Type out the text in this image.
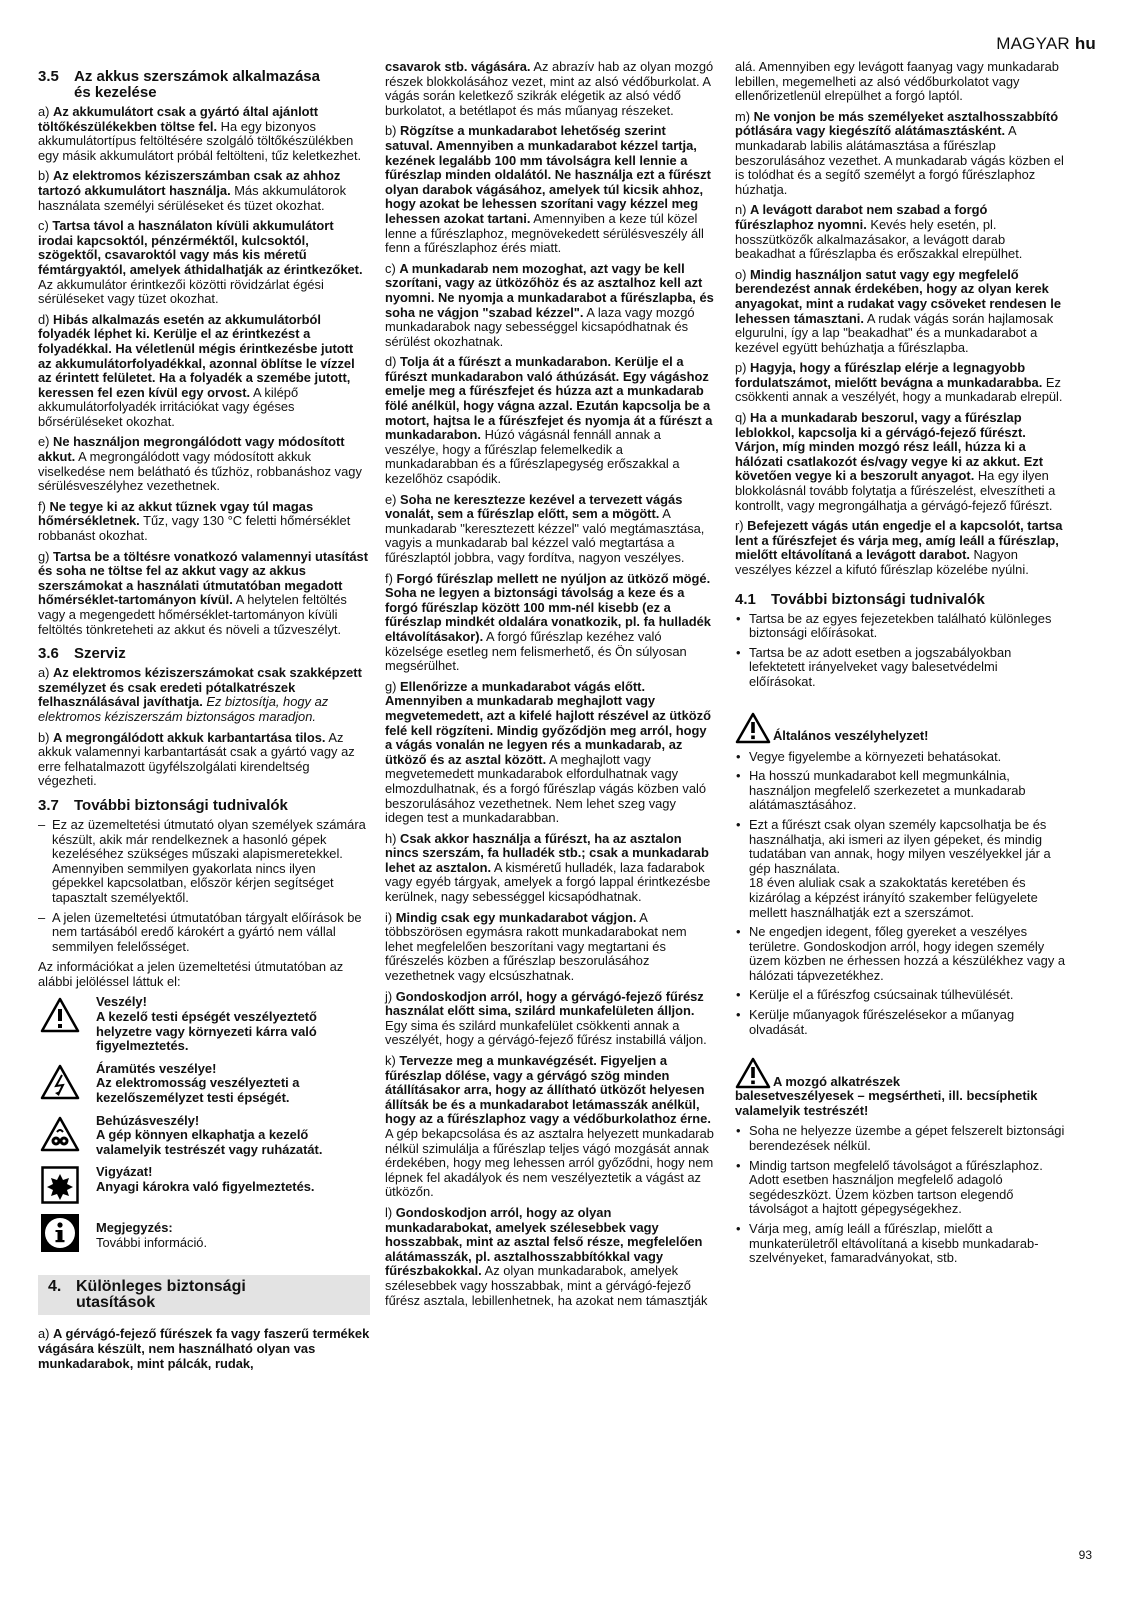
MAGYAR hu
3.5 Az akkus szerszámok alkalmazása
és kezelése

a) Az akkumulátort csak a gyártó által ajánlott töltőkészülékekben töltse fel. Ha egy bizonyos akkumulátortípus feltöltésére szolgáló töltőkészülékben egy másik akkumulátort próbál feltölteni, tűz keletkezhet.

b) Az elektromos kéziszerszámban csak az ahhoz tartozó akkumulátort használja. Más akkumulátorok használata személyi sérüléseket és tüzet okozhat.

c) Tartsa távol a használaton kívüli akkumulátort irodai kapcsoktól, pénzérméktől, kulcsoktól, szögektől, csavaroktól vagy más kis méretű fémtárgyaktól, amelyek áthidalhatják az érintkezőket. Az akkumulátor érintkezői közötti rövidzárlat égési sérüléseket vagy tüzet okozhat.

d) Hibás alkalmazás esetén az akkumulátorból folyadék léphet ki. Kerülje el az érintkezést a folyadékkal. Ha véletlenül mégis érintkezésbe jutott az akkumulátorfolyadékkal, azonnal öblítse le vízzel az érintett felületet. Ha a folyadék a szemébe jutott, keressen fel ezen kívül egy orvost. A kilépő akkumulátorfolyadék irritációkat vagy égéses bőrsérüléseket okozhat.

e) Ne használjon megrongálódott vagy módosított akkut. A megrongálódott vagy módosított akkuk viselkedése nem belátható és tűzhöz, robbanáshoz vagy sérülésveszélyhez vezethetnek.

f) Ne tegye ki az akkut tűznek vgay túl magas hőmérsékletnek. Tűz, vagy 130 °C feletti hőmérséklet robbanást okozhat.

g) Tartsa be a töltésre vonatkozó valamennyi utasítást és soha ne töltse fel az akkut vagy az akkus szerszámokat a használati útmutatóban megadott hőmérséklet-tartományon kívül. A helytelen feltöltés vagy a megengedett hőmérséklet-tartományon kívüli feltöltés tönkreteheti az akkut és növeli a tűzveszélyt.

3.6 Szerviz

a) Az elektromos kéziszerszámokat csak szakképzett személyzet és csak eredeti pótalkatrészek felhasználásával javíthatja. Ez biztosítja, hogy az elektromos kéziszerszám biztonságos maradjon.

b) A megrongálódott akkuk karbantartása tilos. Az akkuk valamennyi karbantartását csak a gyártó vagy az erre felhatalmazott ügyfélszolgálati kirendeltség végezheti.

3.7 További biztonsági tudnivalók
– Ez az üzemeltetési útmutató olyan személyek számára készült, akik már rendelkeznek a hasonló gépek kezeléséhez szükséges műszaki alapismeretekkel. Amennyiben semmilyen gyakorlata nincs ilyen gépekkel kapcsolatban, először kérjen segítséget tapasztalt személyektől.
– A jelen üzemeltetési útmutatóban tárgyalt előírások be nem tartásából eredő károkért a gyártó nem vállal semmilyen felelősséget.

Az információkat a jelen üzemeltetési útmutatóban az alábbi jelöléssel láttuk el:

Veszély!
A kezelő testi épségét veszélyeztető helyzetre vagy környezeti kárra való figyelmeztetés.
Áramütés veszélye!
Az elektromosság veszélyezteti a kezelőszemélyzet testi épségét.
Behúzásveszély!
A gép könnyen elkaphatja a kezelő valamelyik testrészét vagy ruházatát.
Vigyázat!
Anyagi károkra való figyelmeztetés.
Megjegyzés:
További információ.
4. Különleges biztonsági
utasítások

a) A gérvágó-fejező fűrészek fa vagy faszerű termékek vágására készült, nem használható olyan vas munkadarabok, mint pálcák, rudak,

csavarok stb. vágására. Az abrazív hab az olyan mozgó részek blokkolásához vezet, mint az alsó védőburkolat. A vágás során keletkező szikrák elégetik az alsó védő burkolatot, a betétlapot és más műanyag részeket.

b) Rögzítse a munkadarabot lehetőség szerint satuval. Amennyiben a munkadarabot kézzel tartja, kezének legalább 100 mm távolságra kell lennie a fűrészlap minden oldalától. Ne használja ezt a fűrészt olyan darabok vágásához, amelyek túl kicsik ahhoz, hogy azokat be lehessen szorítani vagy kézzel meg lehessen azokat tartani. Amennyiben a keze túl közel lenne a fűrészlaphoz, megnövekedett sérülésveszély áll fenn a fűrészlaphoz érés miatt.

c) A munkadarab nem mozoghat, azt vagy be kell szorítani, vagy az ütközőhöz és az asztalhoz kell azt nyomni. Ne nyomja a munkadarabot a fűrészlapba, és soha ne vágjon "szabad kézzel". A laza vagy mozgó munkadarabok nagy sebességgel kicsapódhatnak és sérülést okozhatnak.

d) Tolja át a fűrészt a munkadarabon. Kerülje el a fűrészt munkadarabon való áthúzását. Egy vágáshoz emelje meg a fűrészfejet és húzza azt a munkadarab fölé anélkül, hogy vágna azzal. Ezután kapcsolja be a motort, hajtsa le a fűrészfejet és nyomja át a fűrészt a munkadarabon. Húzó vágásnál fennáll annak a veszélye, hogy a fűrészlap felemelkedik a munkadarabban és a fűrészlapegység erőszakkal a kezelőhöz csapódik.

e) Soha ne keresztezze kezével a tervezett vágás vonalát, sem a fűrészlap előtt, sem a mögött. A munkadarab "keresztezett kézzel" való megtámasztása, vagyis a munkadarab bal kézzel való megtartása a fűrészlaptól jobbra, vagy fordítva, nagyon veszélyes.

f) Forgó fűrészlap mellett ne nyúljon az ütköző mögé. Soha ne legyen a biztonsági távolság a keze és a forgó fűrészlap között 100 mm-nél kisebb (ez a fűrészlap mindkét oldalára vonatkozik, pl. fa hulladék eltávolításakor). A forgó fűrészlap kezéhez való közelsége esetleg nem felismerhető, és Ön súlyosan megsérülhet.

g) Ellenőrizze a munkadarabot vágás előtt. Amennyiben a munkadarab meghajlott vagy megvetemedett, azt a kifelé hajlott részével az ütköző felé kell rögzíteni. Mindig győződjön meg arról, hogy a vágás vonalán ne legyen rés a munkadarab, az ütköző és az asztal között. A meghajlott vagy megvetemedett munkadarabok elfordulhatnak vagy elmozdulhatnak, és a forgó fűrészlap vágás közben való beszorulásához vezethetnek. Nem lehet szeg vagy idegen test a munkadarabban.

h) Csak akkor használja a fűrészt, ha az asztalon nincs szerszám, fa hulladék stb.; csak a munkadarab lehet az asztalon. A kisméretű hulladék, laza fadarabok vagy egyéb tárgyak, amelyek a forgó lappal érintkezésbe kerülnek, nagy sebességgel kicsapódhatnak.

i) Mindig csak egy munkadarabot vágjon. A többszörösen egymásra rakott munkadarabokat nem lehet megfelelően beszorítani vagy megtartani és fűrészelés közben a fűrészlap beszorulásához vezethetnek vagy elcsúszhatnak.

j) Gondoskodjon arról, hogy a gérvágó-fejező fűrész használat előtt sima, szilárd munkafelületen álljon. Egy sima és szilárd munkafelület csökkenti annak a veszélyét, hogy a gérvágó-fejező fűrész instabillá váljon.

k) Tervezze meg a munkavégzését. Figyeljen a fűrészlap dőlése, vagy a gérvágó szög minden átállításakor arra, hogy az állítható ütközőt helyesen állítsák be és a munkadarabot letámasszák anélkül, hogy az a fűrészlaphoz vagy a védőburkolathoz érne. A gép bekapcsolása és az asztalra helyezett munkadarab nélkül szimulálja a fűrészlap teljes vágó mozgását annak érdekében, hogy meg lehessen arról győződni, hogy nem lépnek fel akadályok és nem veszélyeztetik a vágást az ütközőn.

l) Gondoskodjon arról, hogy az olyan munkadarabokat, amelyek szélesebbek vagy hosszabbak, mint az asztal felső része, megfelelően alátámasszák, pl. asztalhosszabbítókkal vagy fűrészbakokkal. Az olyan munkadarabok, amelyek szélesebbek vagy hosszabbak, mint a gérvágó-fejező fűrész asztala, lebillenhetnek, ha azokat nem támasztják

alá. Amennyiben egy levágott faanyag vagy munkadarab lebillen, megemelheti az alsó védőburkolatot vagy ellenőrizetlenül elrepülhet a forgó laptól.

m) Ne vonjon be más személyeket asztalhosszabbító pótlására vagy kiegészítő alátámasztásként. A munkadarab labilis alátámasztása a fűrészlap beszorulásához vezethet. A munkadarab vágás közben el is tolódhat és a segítő személyt a forgó fűrészlaphoz húzhatja.

n) A levágott darabot nem szabad a forgó fűrészlaphoz nyomni. Kevés hely esetén, pl. hosszütközők alkalmazásakor, a levágott darab beakadhat a fűrészlapba és erőszakkal elrepülhet.

o) Mindig használjon satut vagy egy megfelelő berendezést annak érdekében, hogy az olyan kerek anyagokat, mint a rudakat vagy csöveket rendesen le lehessen támasztani. A rudak vágás során hajlamosak elgurulni, így a lap "beakadhat" és a munkadarabot a kezével együtt behúzhatja a fűrészlapba.

p) Hagyja, hogy a fűrészlap elérje a legnagyobb fordulatszámot, mielőtt bevágna a munkadarabba. Ez csökkenti annak a veszélyét, hogy a munkadarab elrepül.

q) Ha a munkadarab beszorul, vagy a fűrészlap leblokkol, kapcsolja ki a gérvágó-fejező fűrészt. Várjon, míg minden mozgó rész leáll, húzza ki a hálózati csatlakozót és/vagy vegye ki az akkut. Ezt követően vegye ki a beszorult anyagot. Ha egy ilyen blokkolásnál tovább folytatja a fűrészelést, elveszítheti a kontrollt, vagy megrongálhatja a gérvágó-fejező fűrészt.

r) Befejezett vágás után engedje el a kapcsolót, tartsa lent a fűrészfejet és várja meg, amíg leáll a fűrészlap, mielőtt eltávolítaná a levágott darabot. Nagyon veszélyes kézzel a kifutó fűrészlap közelébe nyúlni.

4.1 További biztonsági tudnivalók
• Tartsa be az egyes fejezetekben található különleges biztonsági előírásokat.
• Tartsa be az adott esetben a jogszabályokban lefektetett irányelveket vagy balesetvédelmi előírásokat.
Általános veszélyhelyzet!
• Vegye figyelembe a környezeti behatásokat.
• Ha hosszú munkadarabot kell megmunkálnia, használjon megfelelő szerkezetet a munkadarab alátámasztásához.
• Ezt a fűrészt csak olyan személy kapcsolhatja be és használhatja, aki ismeri az ilyen gépeket, és mindig tudatában van annak, hogy milyen veszélyekkel jár a gép használata.
18 éven aluliak csak a szakoktatás keretében és kizárólag a képzést irányító szakember felügyelete mellett használhatják ezt a szerszámot.
• Ne engedjen idegent, főleg gyereket a veszélyes területre. Gondoskodjon arról, hogy idegen személy üzem közben ne érhessen hozzá a készülékhez vagy a hálózati tápvezetékhez.
• Kerülje el a fűrészfog csúcsainak túlhevülését.
• Kerülje műanyagok fűrészelésekor a műanyag olvadását.
A mozgó alkatrészek
balesetveszélyesek – megsértheti, ill. becsíphetik valamelyik testrészét!
• Soha ne helyezze üzembe a gépet felszerelt biztonsági berendezések nélkül.
• Mindig tartson megfelelő távolságot a fűrészlaphoz. Adott esetben használjon megfelelő adagoló segédeszközt. Üzem közben tartson elegendő távolságot a hajtott gépegységekhez.
• Várja meg, amíg leáll a fűrészlap, mielőtt a munkaterületről eltávolítaná a kisebb munkadarab-szelvényeket, famaradványokat, stb.
93
